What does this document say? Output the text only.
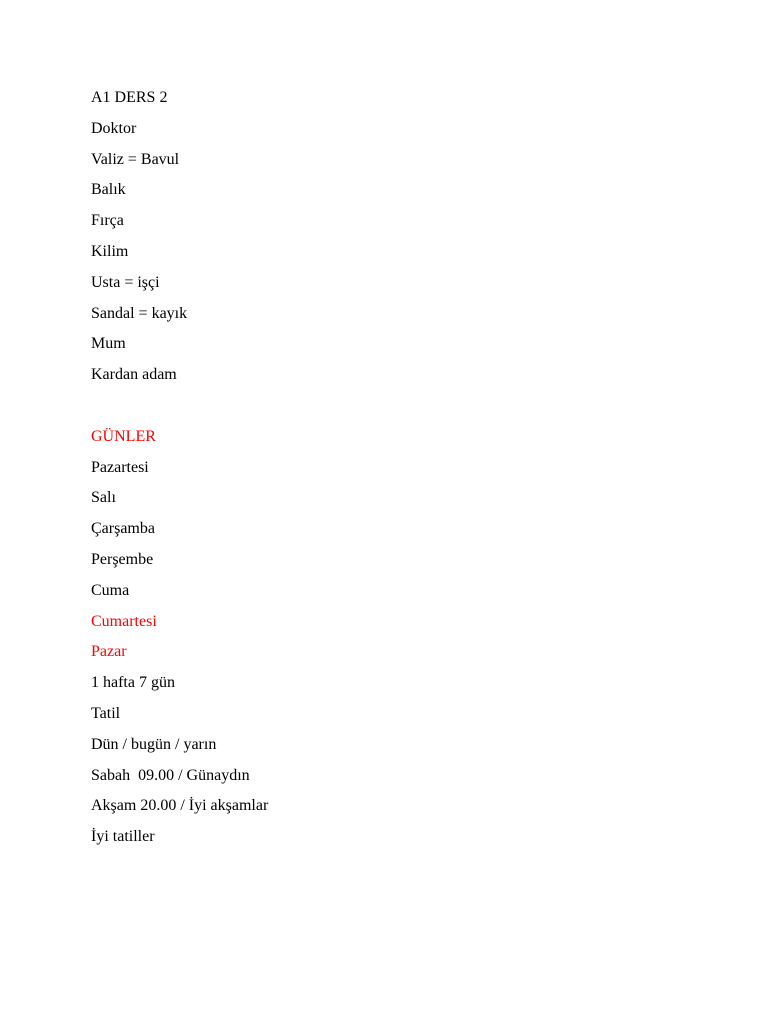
A1 DERS 2
Doktor
Valiz = Bavul
Balık
Fırça
Kilim
Usta = işçi
Sandal = kayık
Mum
Kardan adam
GÜNLER
Pazartesi
Salı
Çarşamba
Perşembe
Cuma
Cumartesi
Pazar
1 hafta 7 gün
Tatil
Dün / bugün / yarın
Sabah  09.00 / Günaydın
Akşam 20.00 / İyi akşamlar
İyi tatiller
